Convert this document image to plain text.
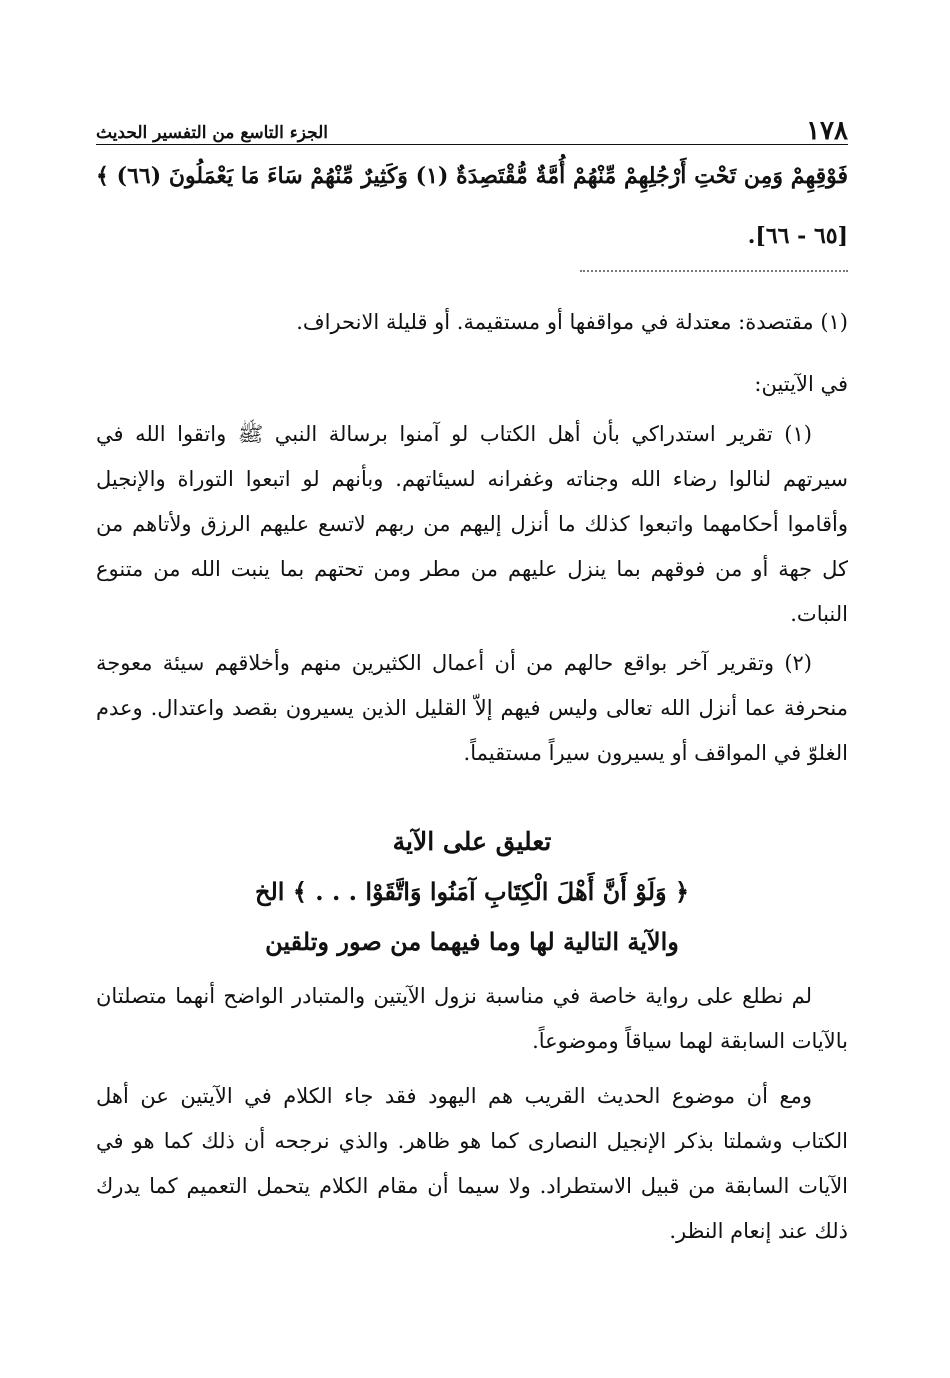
١٧٨
الجزء التاسع من التفسير الحديث
فَوْقِهِمْ وَمِن تَحْتِ أَرْجُلِهِمْ مِّنْهُمْ أُمَّةٌ مُّقْتَصِدَةٌ (١) وَكَثِيرٌ مِّنْهُمْ سَاءَ مَا يَعْمَلُونَ (٦٦) ﴾ [٦٥ - ٦٦].
(١) مقتصدة: معتدلة في مواقفها أو مستقيمة. أو قليلة الانحراف.
في الآيتين:
(١) تقرير استدراكي بأن أهل الكتاب لو آمنوا برسالة النبي ﷺ واتقوا الله في سيرتهم لنالوا رضاء الله وجناته وغفرانه لسيئاتهم. وبأنهم لو اتبعوا التوراة والإنجيل وأقاموا أحكامهما واتبعوا كذلك ما أنزل إليهم من ربهم لاتسع عليهم الرزق ولأتاهم من كل جهة أو من فوقهم بما ينزل عليهم من مطر ومن تحتهم بما ينبت الله من متنوع النبات.
(٢) وتقرير آخر بواقع حالهم من أن أعمال الكثيرين منهم وأخلاقهم سيئة معوجة منحرفة عما أنزل الله تعالى وليس فيهم إلاّ القليل الذين يسيرون بقصد واعتدال. وعدم الغلوّ في المواقف أو يسيرون سيراً مستقيماً.
تعليق على الآية
﴿ وَلَوْ أَنَّ أَهْلَ الْكِتَابِ آمَنُوا وَاتَّقَوْا . . . ﴾ الخ
والآية التالية لها وما فيهما من صور وتلقين
لم نطلع على رواية خاصة في مناسبة نزول الآيتين والمتبادر الواضح أنهما متصلتان بالآيات السابقة لهما سياقاً وموضوعاً.
ومع أن موضوع الحديث القريب هم اليهود فقد جاء الكلام في الآيتين عن أهل الكتاب وشملتا بذكر الإنجيل النصارى كما هو ظاهر. والذي نرجحه أن ذلك كما هو في الآيات السابقة من قبيل الاستطراد. ولا سيما أن مقام الكلام يتحمل التعميم كما يدرك ذلك عند إنعام النظر.
